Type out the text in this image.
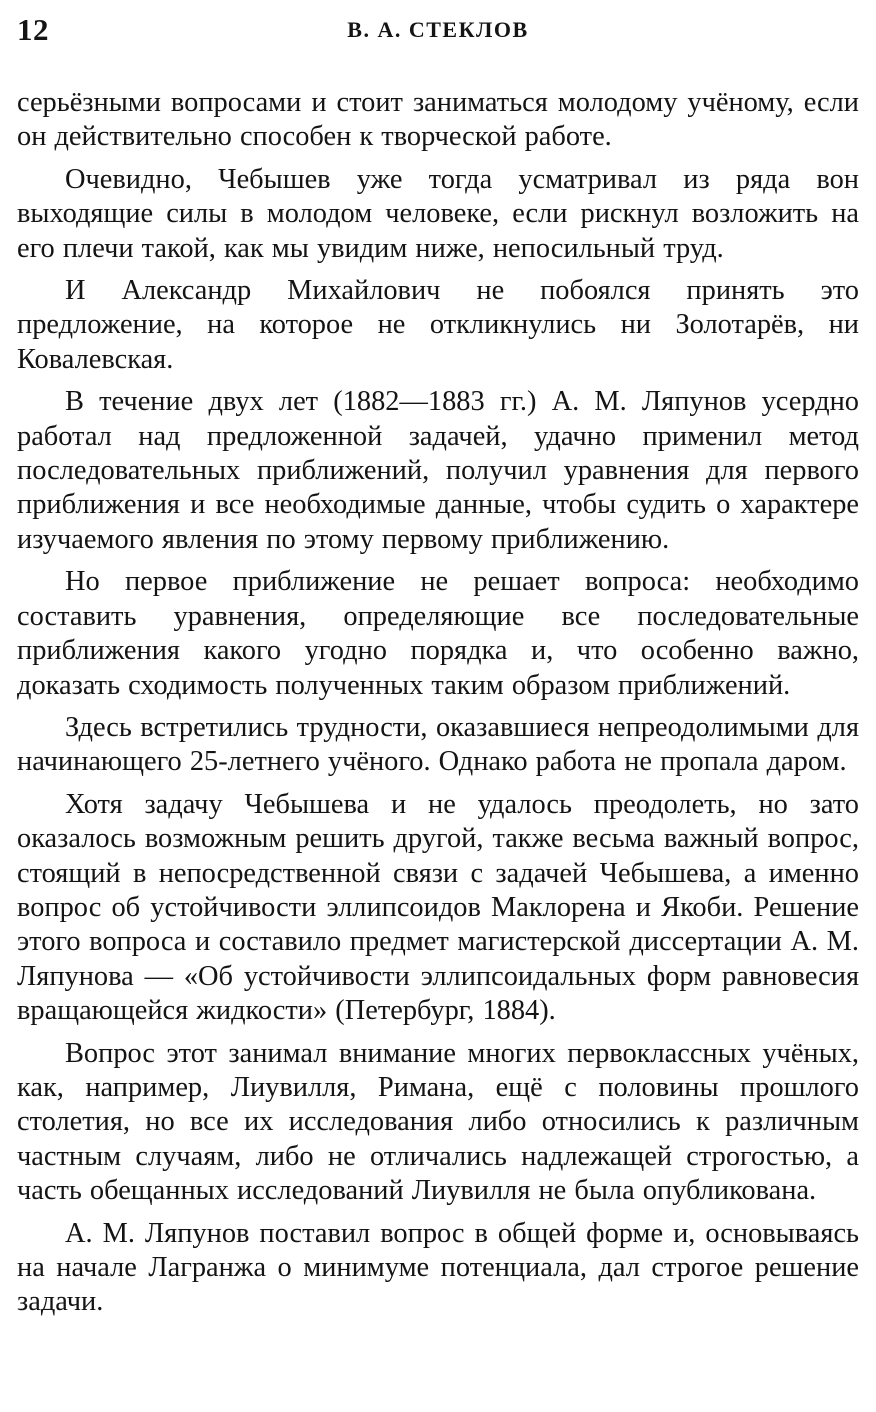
12	В. А. СТЕКЛОВ

серьёзными вопросами и стоит заниматься молодому учёному, если он действительно способен к творческой работе.

Очевидно, Чебышев уже тогда усматривал из ряда вон выходящие силы в молодом человеке, если рискнул возложить на его плечи такой, как мы увидим ниже, непосильный труд.

И Александр Михайлович не побоялся принять это предложение, на которое не откликнулись ни Золотарёв, ни Ковалевская.

В течение двух лет (1882—1883 гг.) А. М. Ляпунов усердно работал над предложенной задачей, удачно применил метод последовательных приближений, получил уравнения для первого приближения и все необходимые данные, чтобы судить о характере изучаемого явления по этому первому приближению.

Но первое приближение не решает вопроса: необходимо составить уравнения, определяющие все последовательные приближения какого угодно порядка и, что особенно важно, доказать сходимость полученных таким образом приближений.

Здесь встретились трудности, оказавшиеся непреодолимыми для начинающего 25-летнего учёного. Однако работа не пропала даром.

Хотя задачу Чебышева и не удалось преодолеть, но зато оказалось возможным решить другой, также весьма важный вопрос, стоящий в непосредственной связи с задачей Чебышева, а именно вопрос об устойчивости эллипсоидов Маклорена и Якоби. Решение этого вопроса и составило предмет магистерской диссертации А. М. Ляпунова — «Об устойчивости эллипсоидальных форм равновесия вращающейся жидкости» (Петербург, 1884).

Вопрос этот занимал внимание многих первоклассных учёных, как, например, Лиувилля, Римана, ещё с половины прошлого столетия, но все их исследования либо относились к различным частным случаям, либо не отличались надлежащей строгостью, а часть обещанных исследований Лиувилля не была опубликована.

А. М. Ляпунов поставил вопрос в общей форме и, основываясь на начале Лагранжа о минимуме потенциала, дал строгое решение задачи.
